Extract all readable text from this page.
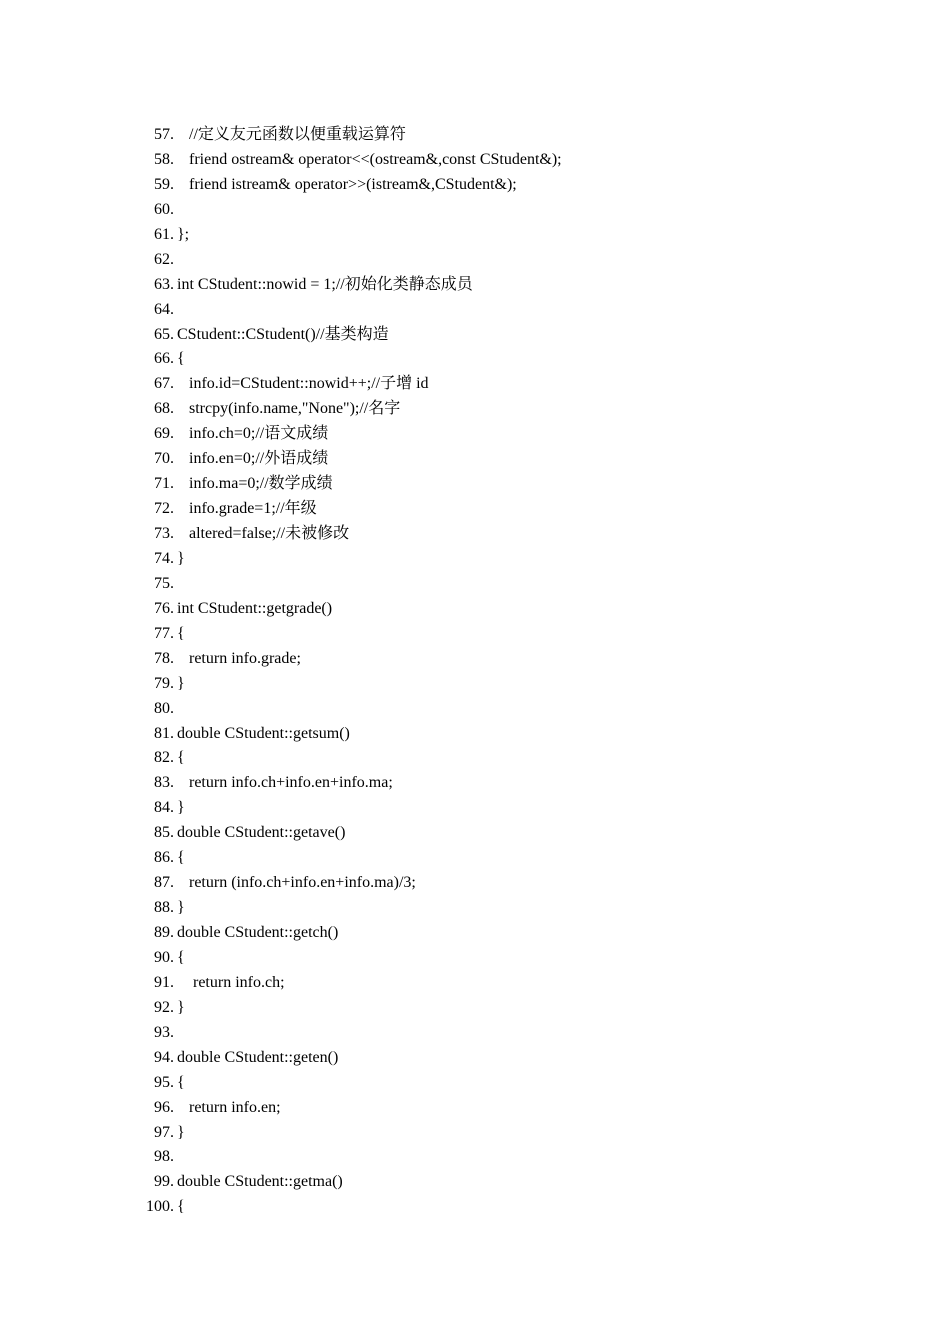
57. //定义友元函数以便重载运算符
58. friend ostream& operator<<(ostream&,const CStudent&);
59. friend istream& operator>>(istream&,CStudent&);
60.
61. };
62.
63. int CStudent::nowid = 1;//初始化类静态成员
64.
65. CStudent::CStudent()//基类构造
66. {
67. info.id=CStudent::nowid++;//子增 id
68. strcpy(info.name,"None");//名字
69. info.ch=0;//语文成绩
70. info.en=0;//外语成绩
71. info.ma=0;//数学成绩
72. info.grade=1;//年级
73. altered=false;//未被修改
74. }
75.
76. int CStudent::getgrade()
77. {
78. return info.grade;
79. }
80.
81. double CStudent::getsum()
82. {
83. return info.ch+info.en+info.ma;
84. }
85. double CStudent::getave()
86. {
87. return (info.ch+info.en+info.ma)/3;
88. }
89. double CStudent::getch()
90. {
91. return info.ch;
92. }
93.
94. double CStudent::geten()
95. {
96. return info.en;
97. }
98.
99. double CStudent::getma()
100. {
